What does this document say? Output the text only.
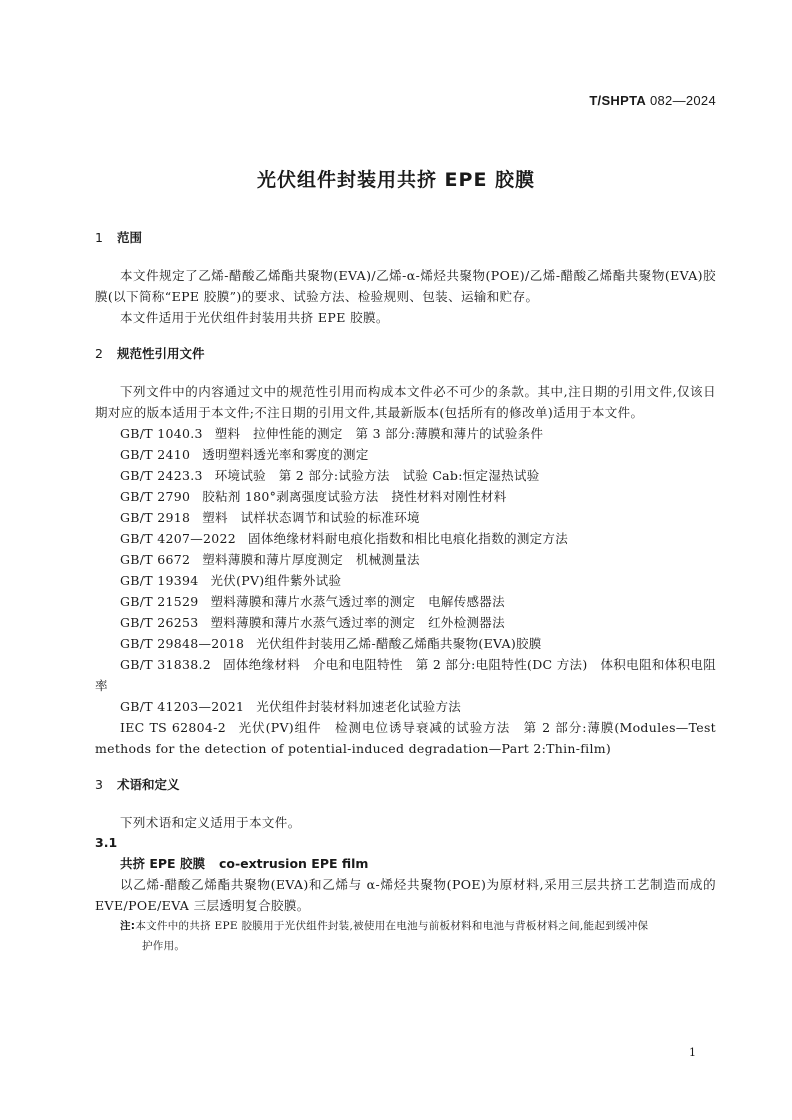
T/SHPTA 082—2024
光伏组件封装用共挤 EPE 胶膜

1 范围

本文件规定了乙烯-醋酸乙烯酯共聚物(EVA)/乙烯-α-烯烃共聚物(POE)/乙烯-醋酸乙烯酯共聚物(EVA)胶膜(以下简称“EPE 胶膜”)的要求、试验方法、检验规则、包装、运输和贮存。

本文件适用于光伏组件封装用共挤 EPE 胶膜。

2 规范性引用文件

下列文件中的内容通过文中的规范性引用而构成本文件必不可少的条款。其中,注日期的引用文件,仅该日期对应的版本适用于本文件;不注日期的引用文件,其最新版本(包括所有的修改单)适用于本文件。

GB/T 1040.3 塑料　拉伸性能的测定　第 3 部分:薄膜和薄片的试验条件

GB/T 2410 透明塑料透光率和雾度的测定

GB/T 2423.3 环境试验　第 2 部分:试验方法　试验 Cab:恒定湿热试验

GB/T 2790 胶粘剂 180°剥离强度试验方法　挠性材料对刚性材料

GB/T 2918 塑料　试样状态调节和试验的标准环境

GB/T 4207—2022 固体绝缘材料耐电痕化指数和相比电痕化指数的测定方法

GB/T 6672 塑料薄膜和薄片厚度测定　机械测量法

GB/T 19394 光伏(PV)组件紫外试验

GB/T 21529 塑料薄膜和薄片水蒸气透过率的测定　电解传感器法

GB/T 26253 塑料薄膜和薄片水蒸气透过率的测定　红外检测器法

GB/T 29848—2018 光伏组件封装用乙烯-醋酸乙烯酯共聚物(EVA)胶膜

GB/T 31838.2 固体绝缘材料　介电和电阻特性　第 2 部分:电阻特性(DC 方法)　体积电阻和体积电阻率

GB/T 41203—2021 光伏组件封装材料加速老化试验方法

IEC TS 62804-2 光伏(PV)组件　检测电位诱导衰减的试验方法　第 2 部分:薄膜(Modules—Test methods for the detection of potential-induced degradation—Part 2:Thin-film)

3 术语和定义

下列术语和定义适用于本文件。

3.1

共挤 EPE 胶膜 co-extrusion EPE film

以乙烯-醋酸乙烯酯共聚物(EVA)和乙烯与 α-烯烃共聚物(POE)为原材料,采用三层共挤工艺制造而成的 EVE/POE/EVA 三层透明复合胶膜。

注:本文件中的共挤 EPE 胶膜用于光伏组件封装,被使用在电池与前板材料和电池与背板材料之间,能起到缓冲保

护作用。

1
